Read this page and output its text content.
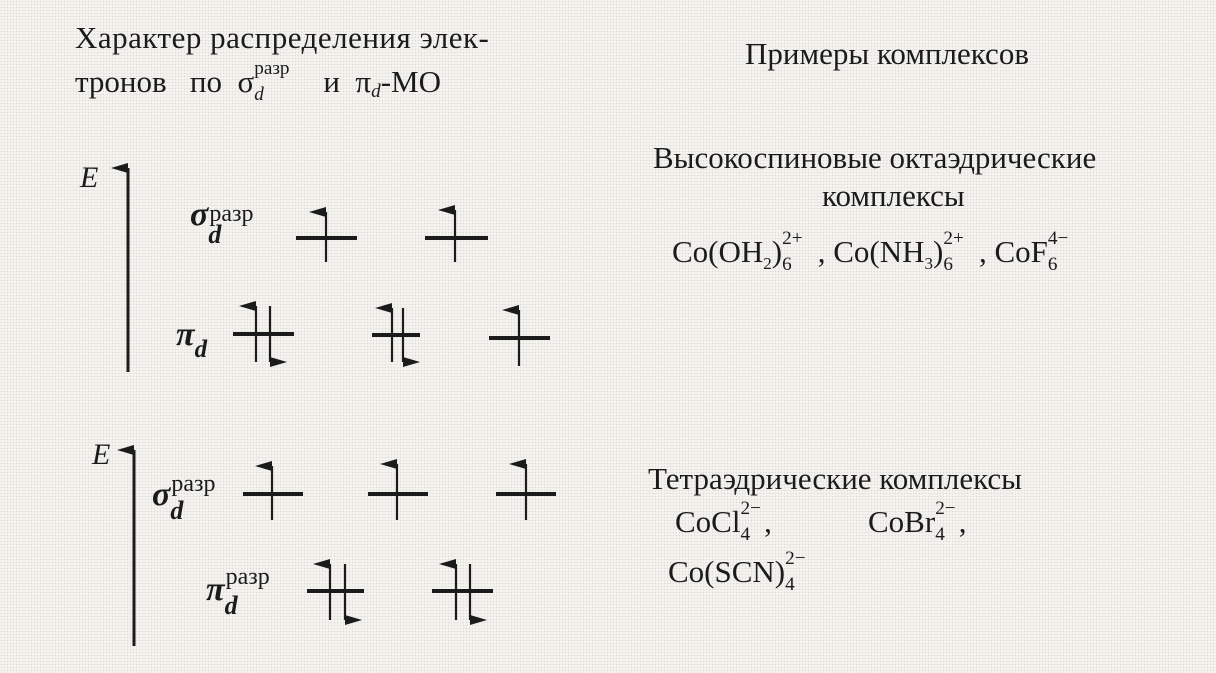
Характер распределения элек-
тронов   по  σ разр
$_d$  и  πd-MO
Примеры комплексов
E
σ разр
d
πd
E
σ разр
d
π разр
d
Высокоспиновые октаэдрические
комплексы
$Co(OH_2)$ 2+
$_6$ , $Co(NH_3)$ 2+
$_6$ , CoF 4−
$_6$
Тетраэдрические комплексы
CoCl 2−
$_4$ ,	CoBr 2−
$_4$ ,
Co(SCN) 2−
$_4$
